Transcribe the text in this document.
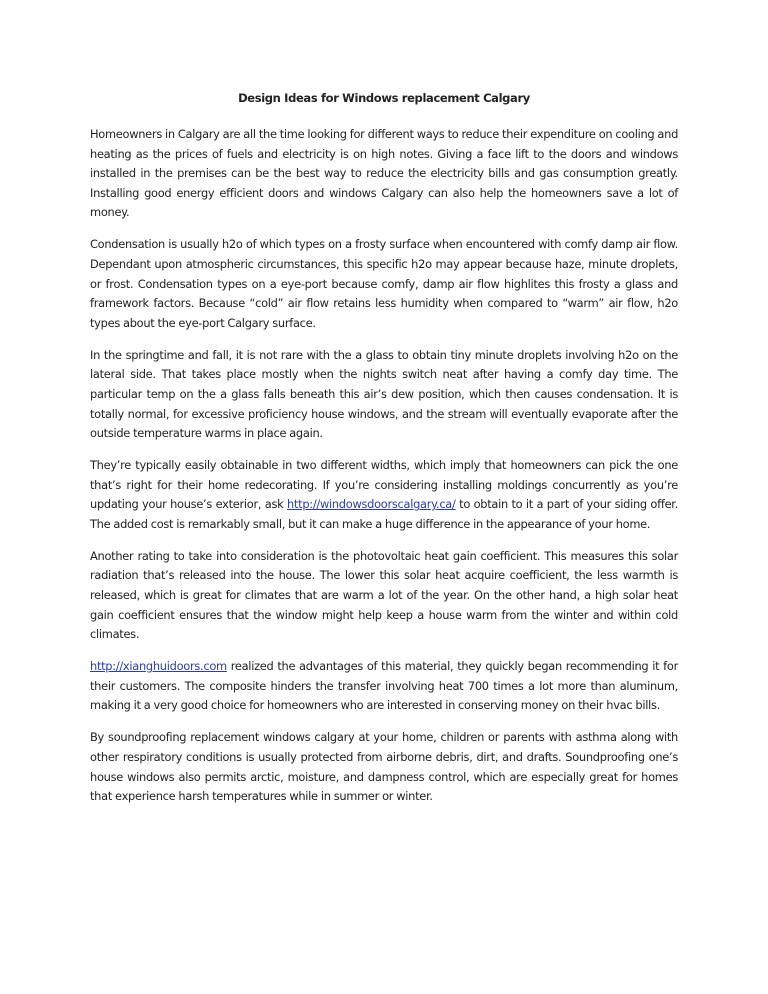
Design Ideas for Windows replacement Calgary

Homeowners in Calgary are all the time looking for different ways to reduce their expenditure on cooling and heating as the prices of fuels and electricity is on high notes. Giving a face lift to the doors and windows installed in the premises can be the best way to reduce the electricity bills and gas consumption greatly. Installing good energy efficient doors and windows Calgary can also help the homeowners save a lot of money.

Condensation is usually h2o of which types on a frosty surface when encountered with comfy damp air flow. Dependant upon atmospheric circumstances, this specific h2o may appear because haze, minute droplets, or frost. Condensation types on a eye-port because comfy, damp air flow highlites this frosty a glass and framework factors. Because “cold” air flow retains less humidity when compared to “warm” air flow, h2o types about the eye-port Calgary surface.

In the springtime and fall, it is not rare with the a glass to obtain tiny minute droplets involving h2o on the lateral side. That takes place mostly when the nights switch neat after having a comfy day time. The particular temp on the a glass falls beneath this air’s dew position, which then causes condensation. It is totally normal, for excessive proficiency house windows, and the stream will eventually evaporate after the outside temperature warms in place again.

They’re typically easily obtainable in two different widths, which imply that homeowners can pick the one that’s right for their home redecorating. If you’re considering installing moldings concurrently as you’re updating your house’s exterior, ask http://windowsdoorscalgary.ca/ to obtain to it a part of your siding offer. The added cost is remarkably small, but it can make a huge difference in the appearance of your home.

Another rating to take into consideration is the photovoltaic heat gain coefficient. This measures this solar radiation that’s released into the house. The lower this solar heat acquire coefficient, the less warmth is released, which is great for climates that are warm a lot of the year. On the other hand, a high solar heat gain coefficient ensures that the window might help keep a house warm from the winter and within cold climates.

http://xianghuidoors.com realized the advantages of this material, they quickly began recommending it for their customers. The composite hinders the transfer involving heat 700 times a lot more than aluminum, making it a very good choice for homeowners who are interested in conserving money on their hvac bills.

By soundproofing replacement windows calgary at your home, children or parents with asthma along with other respiratory conditions is usually protected from airborne debris, dirt, and drafts. Soundproofing one’s house windows also permits arctic, moisture, and dampness control, which are especially great for homes that experience harsh temperatures while in summer or winter.
